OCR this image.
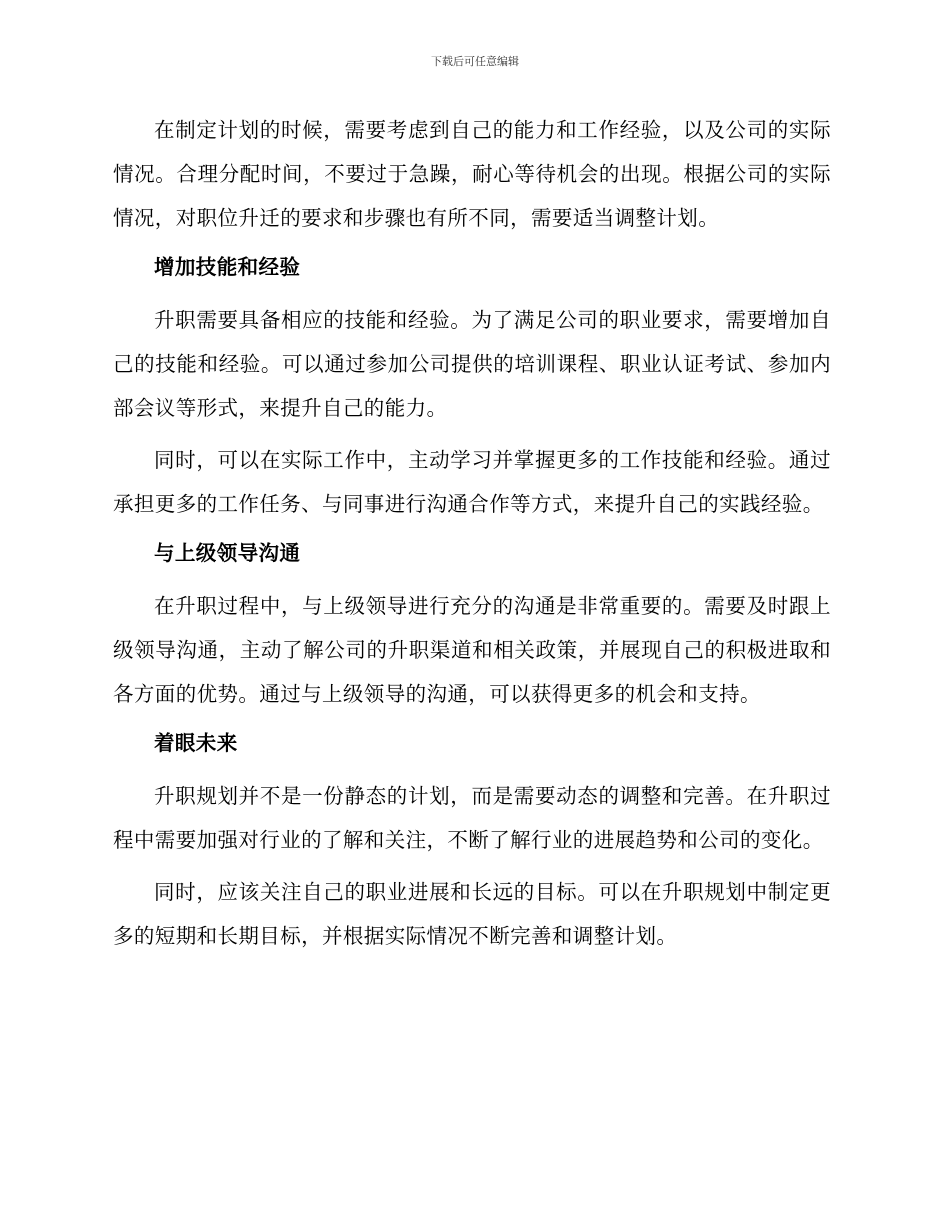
下载后可任意编辑

在制定计划的时候，需要考虑到自己的能力和工作经验，以及公司的实际情况。合理分配时间，不要过于急躁，耐心等待机会的出现。根据公司的实际情况，对职位升迁的要求和步骤也有所不同，需要适当调整计划。

增加技能和经验

升职需要具备相应的技能和经验。为了满足公司的职业要求，需要增加自己的技能和经验。可以通过参加公司提供的培训课程、职业认证考试、参加内部会议等形式，来提升自己的能力。

同时，可以在实际工作中，主动学习并掌握更多的工作技能和经验。通过承担更多的工作任务、与同事进行沟通合作等方式，来提升自己的实践经验。

与上级领导沟通

在升职过程中，与上级领导进行充分的沟通是非常重要的。需要及时跟上级领导沟通，主动了解公司的升职渠道和相关政策，并展现自己的积极进取和各方面的优势。通过与上级领导的沟通，可以获得更多的机会和支持。

着眼未来

升职规划并不是一份静态的计划，而是需要动态的调整和完善。在升职过程中需要加强对行业的了解和关注，不断了解行业的进展趋势和公司的变化。

同时，应该关注自己的职业进展和长远的目标。可以在升职规划中制定更多的短期和长期目标，并根据实际情况不断完善和调整计划。
